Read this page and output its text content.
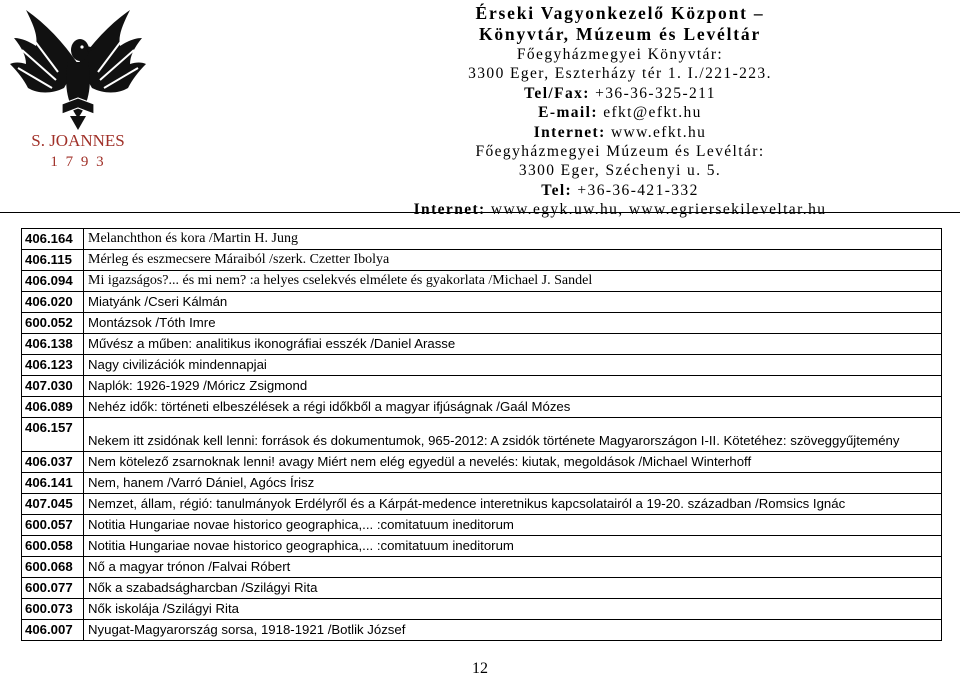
S. JOANNES
1 7 9 3
Érseki Vagyonkezelő Központ –
Könyvtár, Múzeum és Levéltár
Főegyházmegyei Könyvtár:
3300 Eger, Eszterházy tér 1. I./221-223.
Tel/Fax: +36-36-325-211
E-mail: efkt@efkt.hu
Internet: www.efkt.hu
Főegyházmegyei Múzeum és Levéltár:
3300 Eger, Széchenyi u. 5.
Tel: +36-36-421-332
Internet: www.egyk.uw.hu, www.egriersekileveltar.hu
406.164	Melanchthon és kora /Martin H. Jung
406.115	Mérleg és eszmecsere Máraiból /szerk. Czetter Ibolya
406.094	Mi igazságos?... és mi nem? :a helyes cselekvés elmélete és gyakorlata /Michael J. Sandel
406.020	Miatyánk /Cseri Kálmán
600.052	Montázsok /Tóth Imre
406.138	Művész a műben: analitikus ikonográfiai esszék /Daniel Arasse
406.123	Nagy civilizációk mindennapjai
407.030	Naplók: 1926-1929 /Móricz Zsigmond
406.089	Nehéz idők: történeti elbeszélések a régi időkből a magyar ifjúságnak /Gaál Mózes
406.157	Nekem itt zsidónak kell lenni: források és dokumentumok, 965-2012: A zsidók története Magyarországon I-II. Kötetéhez: szöveggyűjtemény
406.037	Nem kötelező zsarnoknak lenni! avagy Miért nem elég egyedül a nevelés: kiutak, megoldások /Michael Winterhoff
406.141	Nem, hanem /Varró Dániel, Agócs Írisz
407.045	Nemzet, állam, régió: tanulmányok Erdélyről és a Kárpát-medence interetnikus kapcsolatairól a 19-20. században /Romsics Ignác
600.057	Notitia Hungariae novae historico geographica,... :comitatuum ineditorum
600.058	Notitia Hungariae novae historico geographica,... :comitatuum ineditorum
600.068	Nő a magyar trónon /Falvai Róbert
600.077	Nők a szabadságharcban /Szilágyi Rita
600.073	Nők iskolája /Szilágyi Rita
406.007	Nyugat-Magyarország sorsa, 1918-1921 /Botlik József
12
